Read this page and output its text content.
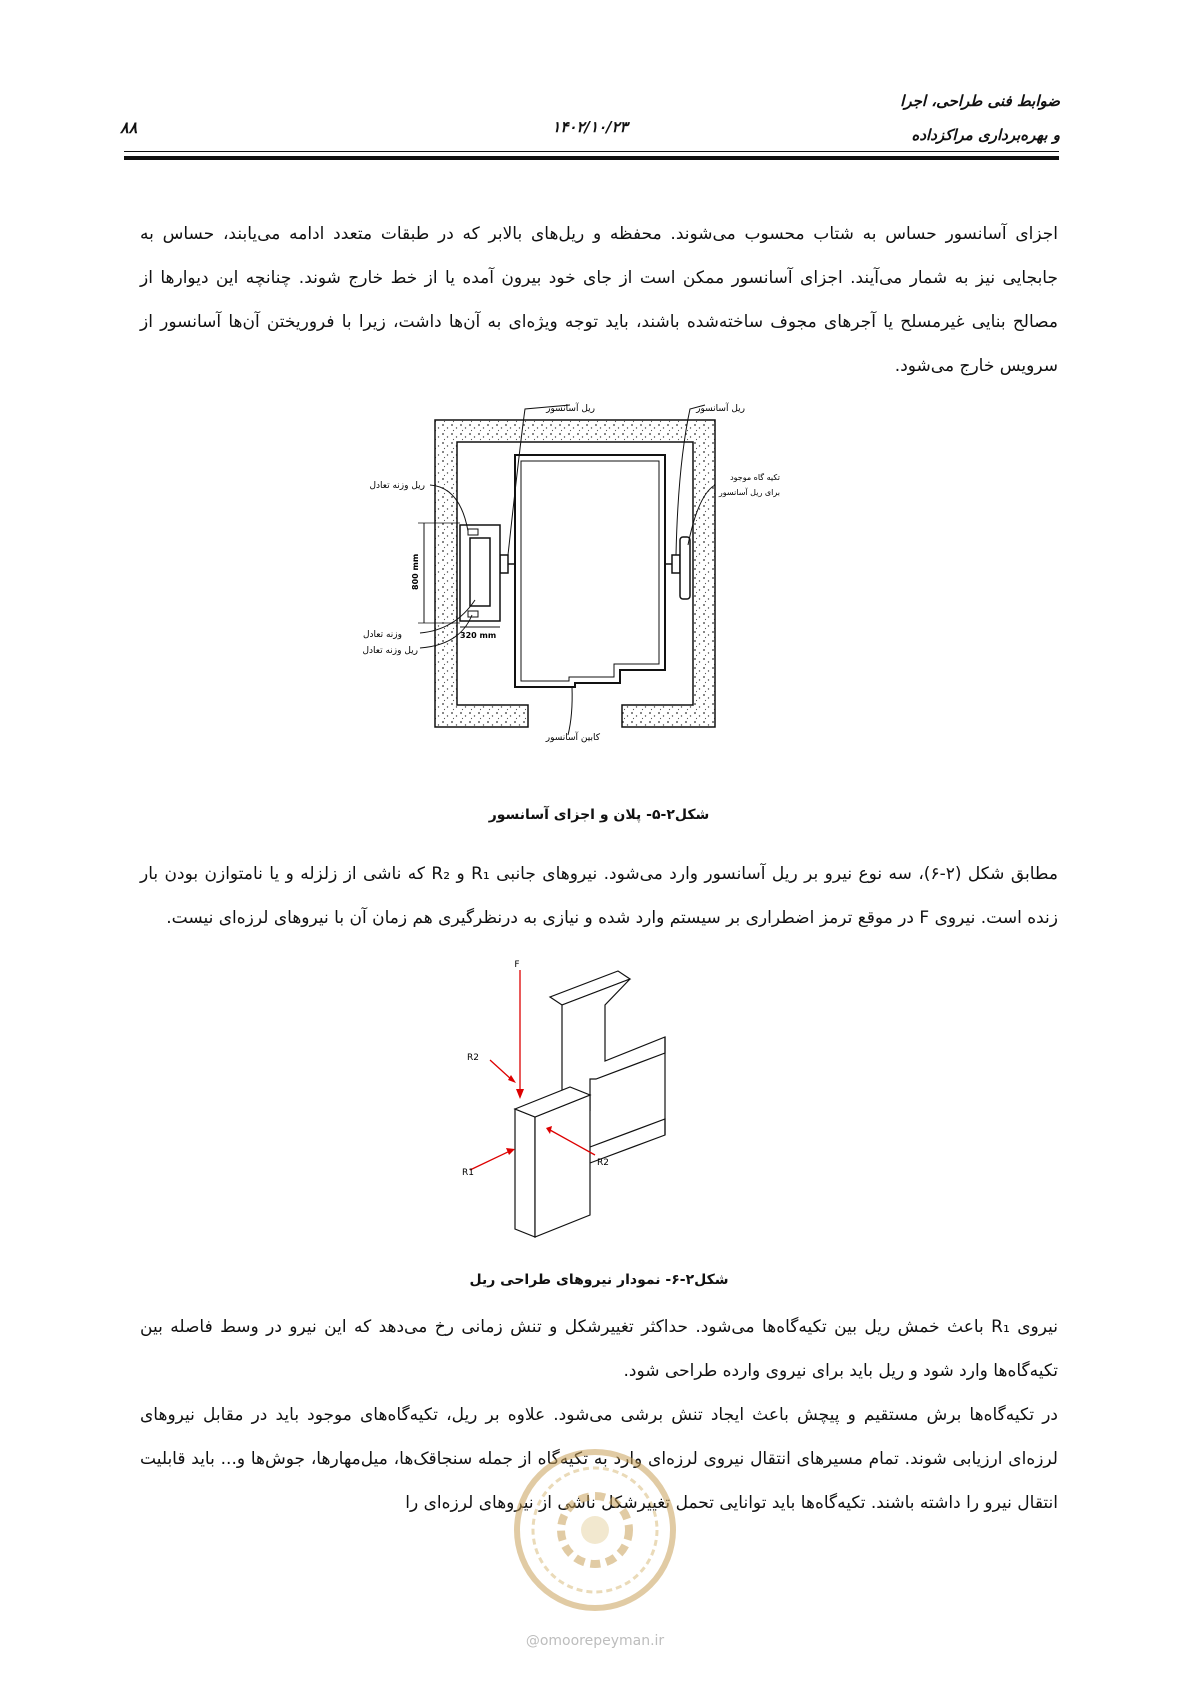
ضوابط فنی طراحی، اجرا
و بهره‌برداری مراکزداده
۱۴۰۲/۱۰/۲۳
۸۸
اجزای آسانسور حساس به شتاب محسوب می‌شوند. محفظه و ریل‌های بالابر که در طبقات متعدد ادامه می‌یابند، حساس به جابجایی نیز به شمار می‌آیند. اجزای آسانسور ممکن است از جای خود بیرون آمده یا از خط خارج شوند. چنانچه این دیوارها از مصالح بنایی غیرمسلح یا آجرهای مجوف ساخته‌شده باشند، باید توجه ویژه‌ای به آن‌ها داشت، زیرا با فروریختن آن‌ها آسانسور از سرویس خارج می‌شود.
800 mm
320 mm
ریل آسانسور	ریل آسانسور
ریل وزنه تعادل
تکیه گاه موجود
برای ریل آسانسور
وزنه تعادل
ریل وزنه تعادل
کابین آسانسور
شکل۲-۵- پلان و اجزای آسانسور
مطابق شکل (۲-۶)، سه نوع نیرو بر ریل آسانسور وارد می‌شود. نیروهای جانبی R₁ و R₂ که ناشی از زلزله و یا نامتوازن بودن بار زنده است. نیروی F در موقع ترمز اضطراری بر سیستم وارد شده و نیازی به درنظرگیری هم زمان آن با نیروهای لرزه‌ای نیست.
F
R2
R1
R2
شکل۲-۶- نمودار نیروهای طراحی ریل
نیروی R₁ باعث خمش ریل بین تکیه‌گاه‌ها می‌شود. حداکثر تغییرشکل و تنش زمانی رخ می‌دهد که این نیرو در وسط فاصله بین تکیه‌گاه‌ها وارد شود و ریل باید برای نیروی وارده طراحی شود.
در تکیه‌گاه‌ها برش مستقیم و پیچش باعث ایجاد تنش برشی می‌شود. علاوه بر ریل، تکیه‌گاه‌های موجود باید در مقابل نیروهای لرزه‌ای ارزیابی شوند. تمام مسیرهای انتقال نیروی لرزه‌ای وارد به تکیه‌گاه از جمله سنجاقک‌ها، میل‌مهارها، جوش‌ها و... باید قابلیت انتقال نیرو را داشته باشند. تکیه‌گاه‌ها باید توانایی تحمل تغییرشکل ناشی از نیروهای لرزه‌ای را
@omoorepeyman.ir
